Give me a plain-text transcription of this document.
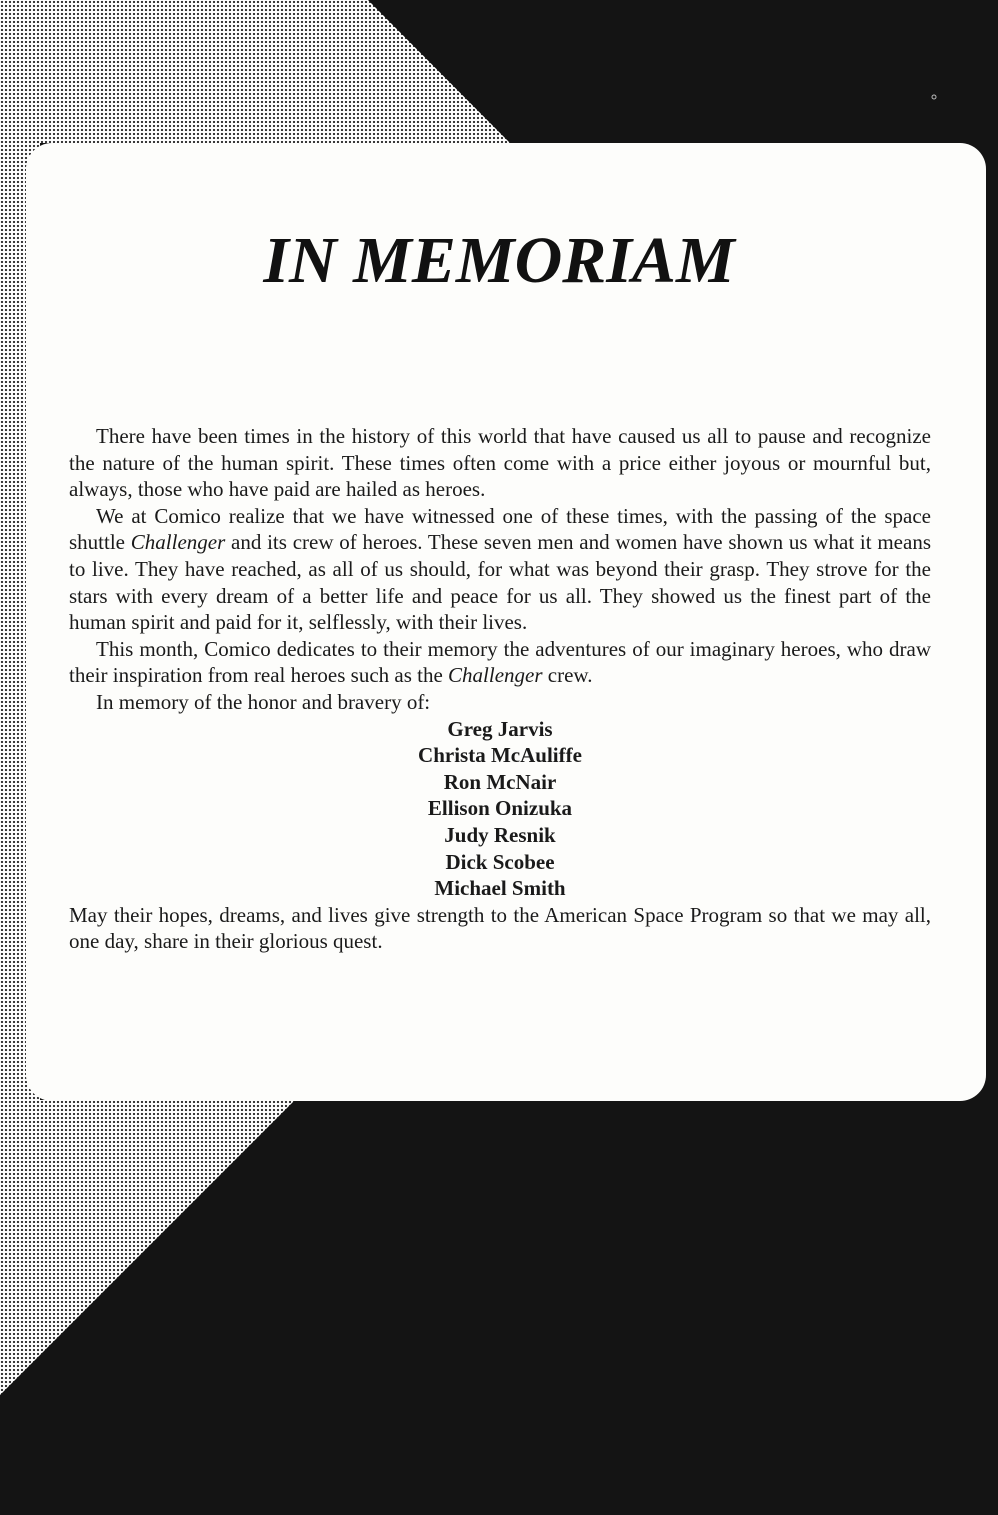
IN MEMORIAM

There have been times in the history of this world that have caused us all to pause and recognize the nature of the human spirit. These times often come with a price either joyous or mournful but, always, those who have paid are hailed as heroes.

We at Comico realize that we have witnessed one of these times, with the passing of the space shuttle Challenger and its crew of heroes. These seven men and women have shown us what it means to live. They have reached, as all of us should, for what was beyond their grasp. They strove for the stars with every dream of a better life and peace for us all. They showed us the finest part of the human spirit and paid for it, selflessly, with their lives.

This month, Comico dedicates to their memory the adventures of our imaginary heroes, who draw their inspiration from real heroes such as the Challenger crew.

In memory of the honor and bravery of:

Greg Jarvis
Christa McAuliffe
Ron McNair
Ellison Onizuka
Judy Resnik
Dick Scobee
Michael Smith

May their hopes, dreams, and lives give strength to the American Space Program so that we may all, one day, share in their glorious quest.
